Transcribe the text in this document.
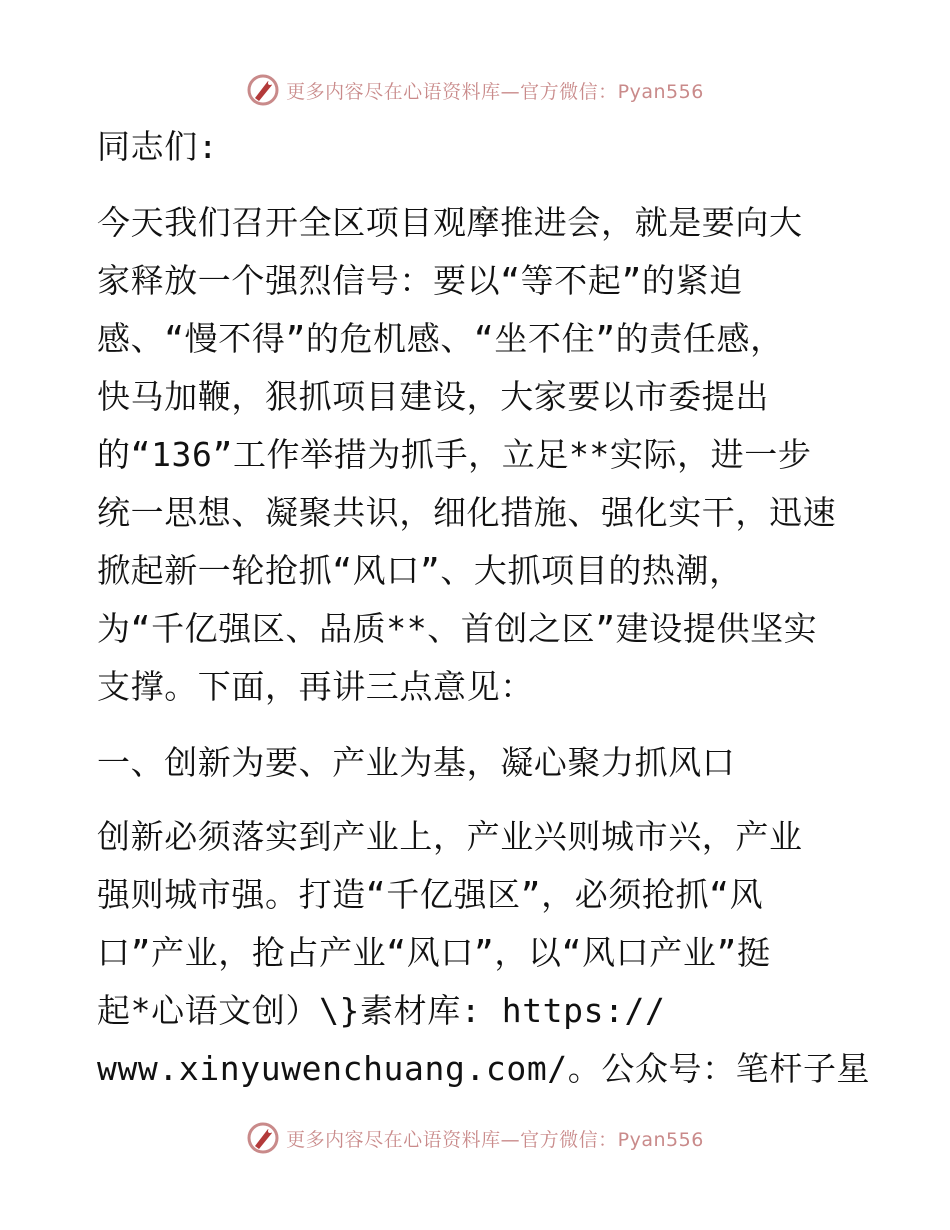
更多内容尽在心语资料库—官方微信：Pyan556
同志们:
今天我们召开全区项目观摩推进会，就是要向大
家释放一个强烈信号：要以“等不起”的紧迫
感、“慢不得”的危机感、“坐不住”的责任感，
快马加鞭，狠抓项目建设，大家要以市委提出
的“136”工作举措为抓手，立足**实际，进一步
统一思想、凝聚共识，细化措施、强化实干，迅速
掀起新一轮抢抓“风口”、大抓项目的热潮，
为“千亿强区、品质**、首创之区”建设提供坚实
支撑。下面，再讲三点意见：
一、创新为要、产业为基，凝心聚力抓风口
创新必须落实到产业上，产业兴则城市兴，产业
强则城市强。打造“千亿强区”，必须抢抓“风
口”产业，抢占产业“风口”，以“风口产业”挺
起*心语文创）\}素材库: https://
www.xinyuwenchuang.com/。公众号：笔杆子星
更多内容尽在心语资料库—官方微信：Pyan556
